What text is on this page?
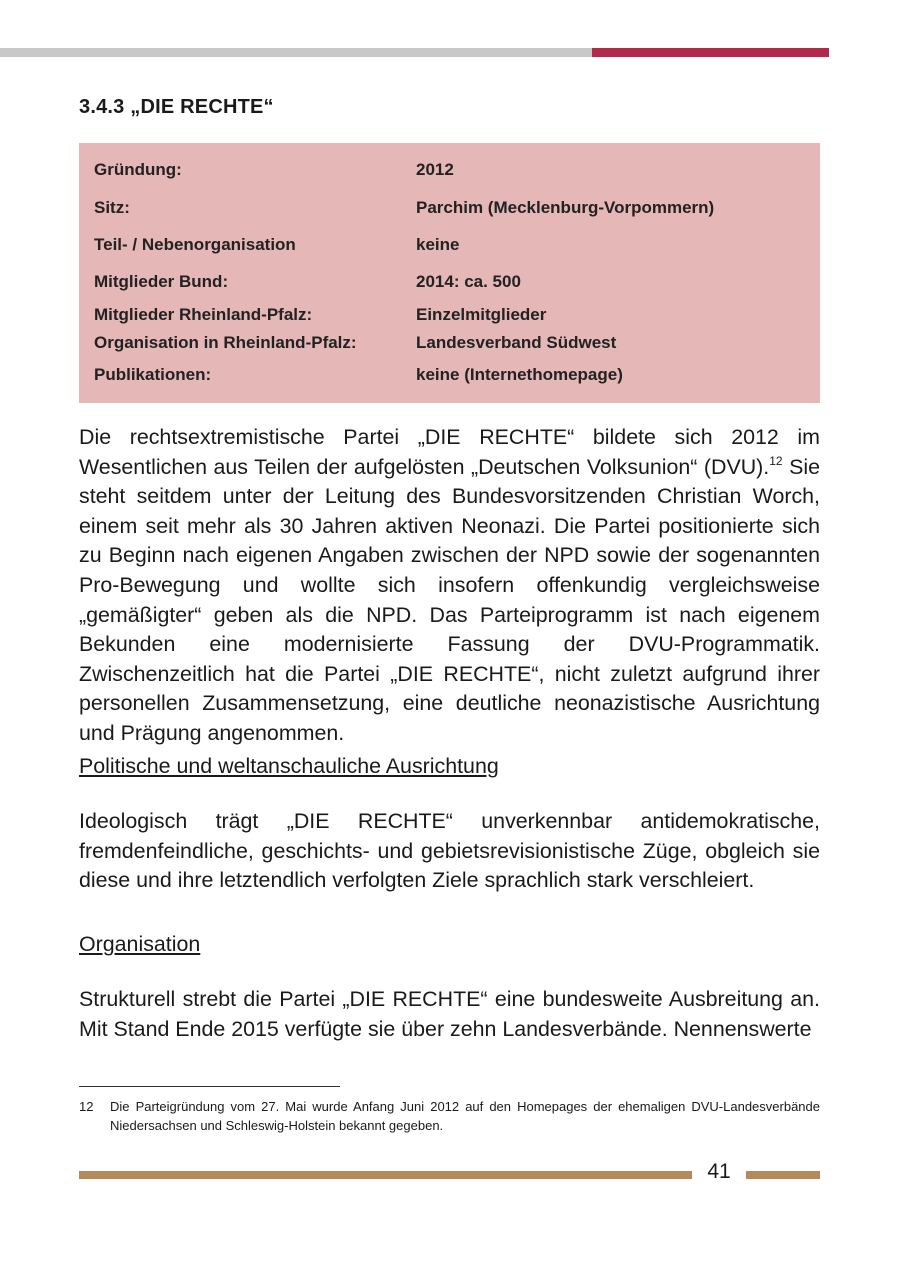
3.4.3 „DIE RECHTE“
Gründung:	2012
Sitz:	Parchim (Mecklenburg-Vorpommern)
Teil- / Nebenorganisation	keine
Mitglieder Bund:	2014: ca. 500
Mitglieder Rheinland-Pfalz:	Einzelmitglieder
Organisation in Rheinland-Pfalz:	Landesverband Südwest
Publikationen:	keine (Internethomepage)

Die rechtsextremistische Partei „DIE RECHTE“ bildete sich 2012 im Wesentlichen aus Teilen der aufgelösten „Deutschen Volksunion“ (DVU).$^{12}$ Sie steht seitdem unter der Leitung des Bundesvorsitzenden Christian Worch, einem seit mehr als 30 Jahren aktiven Neonazi. Die Partei positionierte sich zu Beginn nach eigenen Angaben zwischen der NPD sowie der sogenannten Pro-Bewegung und wollte sich insofern offenkundig vergleichsweise „gemäßigter“ geben als die NPD. Das Parteiprogramm ist nach eigenem Bekunden eine modernisierte Fassung der DVU-Programmatik. Zwischenzeitlich hat die Partei „DIE RECHTE“, nicht zuletzt aufgrund ihrer personellen Zusammensetzung, eine deutliche neonazistische Ausrichtung und Prägung angenommen.

Politische und weltanschauliche Ausrichtung

Ideologisch trägt „DIE RECHTE“ unverkennbar antidemokratische, fremdenfeindliche, geschichts- und gebietsrevisionistische Züge, obgleich sie diese und ihre letztendlich verfolgten Ziele sprachlich stark verschleiert.

Organisation

Strukturell strebt die Partei „DIE RECHTE“ eine bundesweite Ausbreitung an. Mit Stand Ende 2015 verfügte sie über zehn Landesverbände. Nennenswerte

12 Die Parteigründung vom 27. Mai wurde Anfang Juni 2012 auf den Homepages der ehemaligen DVU-Landesverbände Niedersachsen und Schleswig-Holstein bekannt gegeben.
41
